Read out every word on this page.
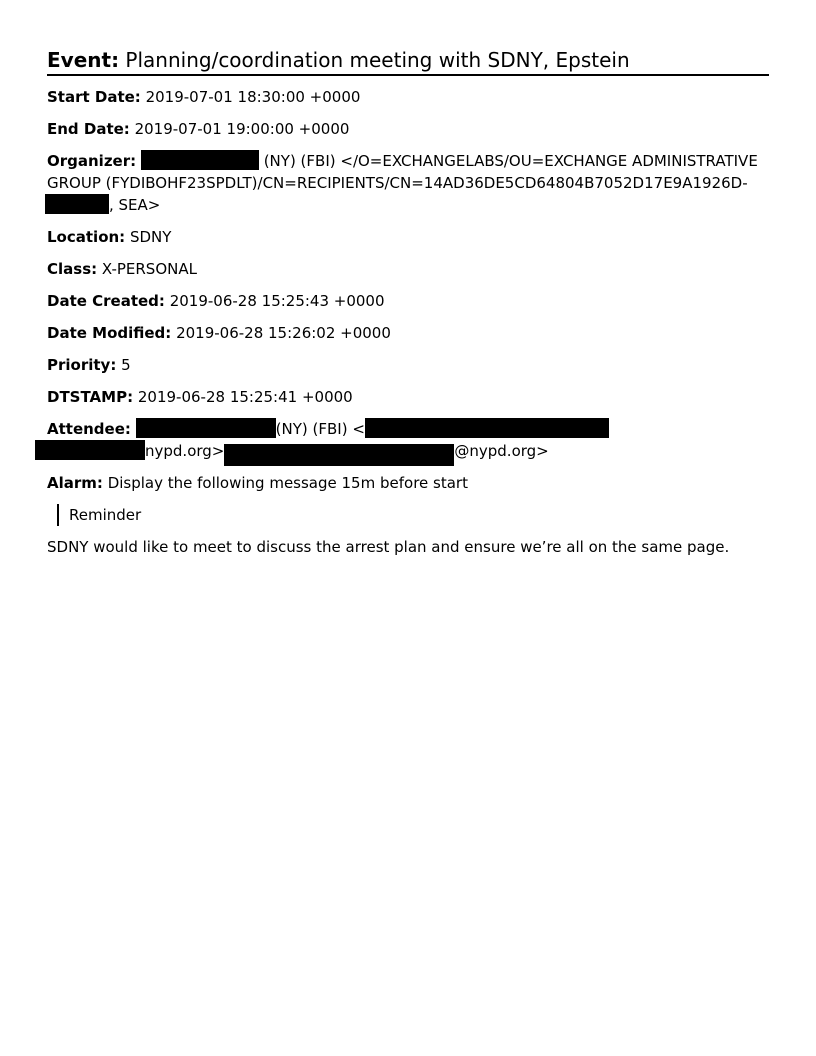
Event: Planning/coordination meeting with SDNY, Epstein
Start Date: 2019-07-01 18:30:00 +0000
End Date: 2019-07-01 19:00:00 +0000
Organizer:	(NY) (FBI) </O=EXCHANGELABS/OU=EXCHANGE ADMINISTRATIVE
GROUP (FYDIBOHF23SPDLT)/CN=RECIPIENTS/CN=14AD36DE5CD64804B7052D17E9A1926D-
, SEA>
Location: SDNY
Class: X-PERSONAL
Date Created: 2019-06-28 15:25:43 +0000
Date Modified: 2019-06-28 15:26:02 +0000
Priority: 5
DTSTAMP: 2019-06-28 15:25:41 +0000
Attendee:	(NY) (FBI) <
nypd.org>	@nypd.org>
Alarm: Display the following message 15m before start
Reminder
SDNY would like to meet to discuss the arrest plan and ensure we’re all on the same page.
